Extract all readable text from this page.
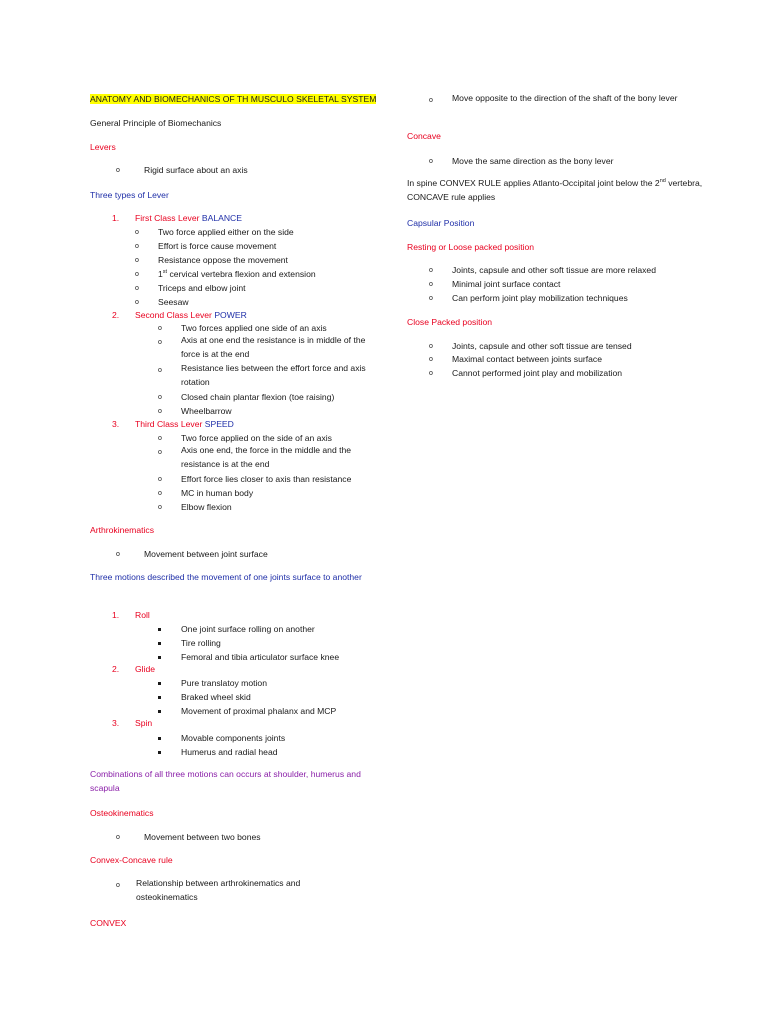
ANATOMY AND BIOMECHANICS OF TH MUSCULO SKELETAL SYSTEM
General Principle of Biomechanics
Levers
o	Rigid surface about an axis
Three types of Lever
1. First Class Lever BALANCE
o Two force applied either on the side
o Effort is force cause movement
o Resistance oppose the movement
o 1st cervical vertebra flexion and extension
o Triceps and elbow joint
o Seesaw
2. Second Class Lever POWER
o Two forces applied one side of an axis
o Axis at one end the resistance is in middle of the force is at the end
o Resistance lies between the effort force and axis rotation
o Closed chain plantar flexion (toe raising)
o Wheelbarrow
3. Third Class Lever SPEED
o Two force applied on the side of an axis
o Axis one end, the force in the middle and the resistance is at the end
o Effort force lies closer to axis than resistance
o MC in human body
o Elbow flexion
Arthrokinematics
o	Movement between joint surface
Three motions described the movement of one joints surface to another
1. Roll
One joint surface rolling on another
Tire rolling
Femoral and tibia articulator surface knee
2. Glide
Pure translatoy motion
Braked wheel skid
Movement of proximal phalanx and MCP
3. Spin
Movable components joints
Humerus and radial head
Combinations of all three motions can occurs at shoulder, humerus and scapula
Osteokinematics
o	Movement between two bones
Convex-Concave rule
o Relationship between arthrokinematics and osteokinematics
CONVEX
o Move opposite to the direction of the shaft of the bony lever
Concave
o Move the same direction as the bony lever
In spine CONVEX RULE applies Atlanto-Occipital joint below the 2nd vertebra, CONCAVE rule applies
Capsular Position
Resting or Loose packed position
o Joints, capsule and other soft tissue are more relaxed
o Minimal joint surface contact
o Can perform joint play mobilization techniques
Close Packed position
o Joints, capsule and other soft tissue are tensed
o Maximal contact between joints surface
o Cannot performed joint play and mobilization
